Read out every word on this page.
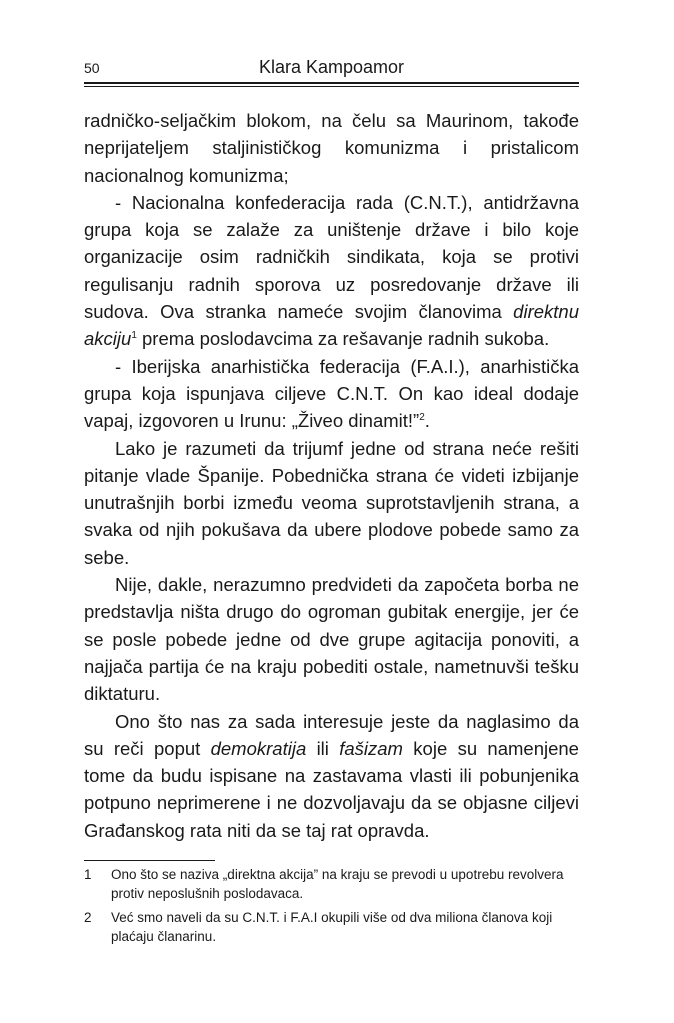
50	Klara Kampoamor

radničko-seljačkim blokom, na čelu sa Maurinom, takođe neprijateljem staljinističkog komunizma i pristalicom nacionalnog komunizma;

- Nacionalna konfederacija rada (C.N.T.), antidržavna grupa koja se zalaže za uništenje države i bilo koje organizacije osim radničkih sindikata, koja se protivi regulisanju radnih sporova uz posredovanje države ili sudova. Ova stranka nameće svojim članovima direktnu akciju$^1$ prema poslodavcima za rešavanje radnih sukoba.

- Iberijska anarhistička federacija (F.A.I.), anarhistička grupa koja ispunjava ciljeve C.N.T. On kao ideal dodaje vapaj, izgovoren u Irunu: „Živeo dinamit!”$^2$.

Lako je razumeti da trijumf jedne od strana neće rešiti pitanje vlade Španije. Pobednička strana će videti izbijanje unutrašnjih borbi između veoma suprotstavljenih strana, a svaka od njih pokušava da ubere plodove pobede samo za sebe.

Nije, dakle, nerazumno predvideti da započeta borba ne predstavlja ništa drugo do ogroman gubitak energije, jer će se posle pobede jedne od dve grupe agitacija ponoviti, a najjača partija će na kraju pobediti ostale, nametnuvši tešku diktaturu.

Ono što nas za sada interesuje jeste da naglasimo da su reči poput demokratija ili fašizam koje su namenjene tome da budu ispisane na zastavama vlasti ili pobunjenika potpuno neprimerene i ne dozvoljavaju da se objasne ciljevi Građanskog rata niti da se taj rat opravda.

1 Ono što se naziva „direktna akcija” na kraju se prevodi u upotrebu revolvera protiv neposlušnih poslodavaca.
2 Već smo naveli da su C.N.T. i F.A.I okupili više od dva miliona članova koji plaćaju članarinu.
